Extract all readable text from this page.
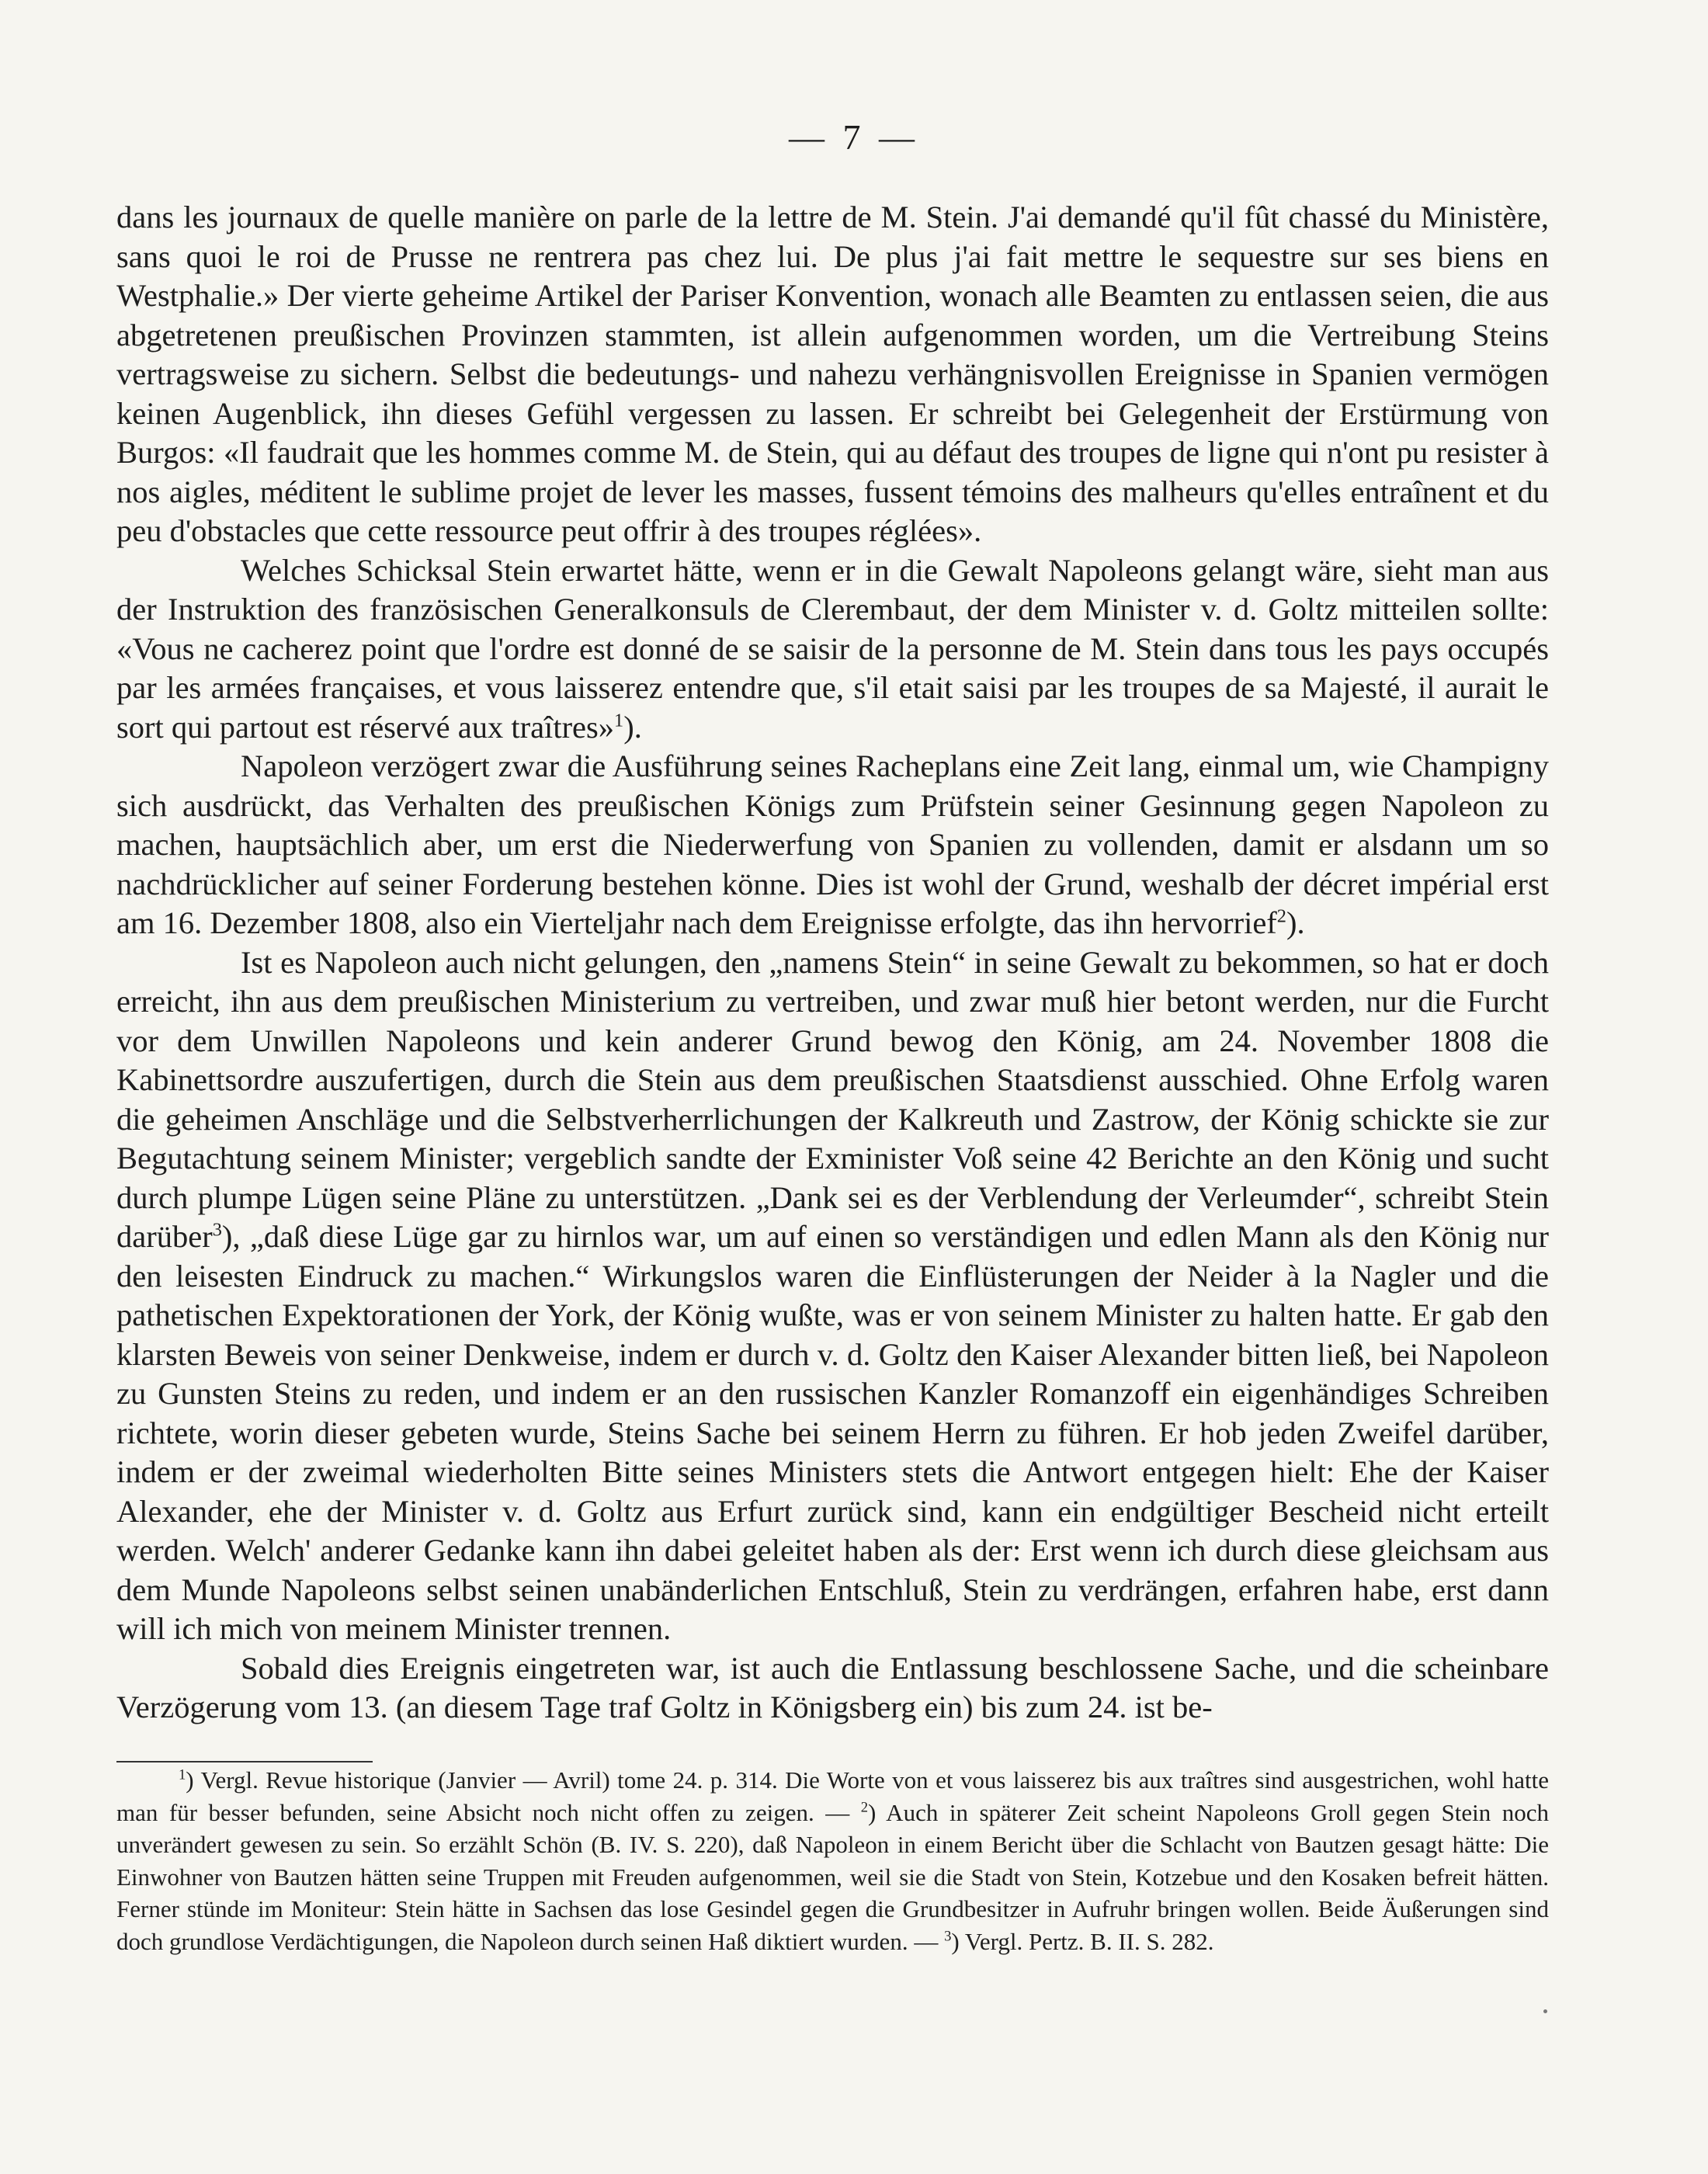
— 7 —

dans les journaux de quelle manière on parle de la lettre de M. Stein. J'ai demandé qu'il fût chassé du Ministère, sans quoi le roi de Prusse ne rentrera pas chez lui. De plus j'ai fait mettre le sequestre sur ses biens en Westphalie.» Der vierte geheime Artikel der Pariser Konvention, wonach alle Beamten zu entlassen seien, die aus abgetretenen preußischen Provinzen stammten, ist allein aufgenommen worden, um die Vertreibung Steins vertragsweise zu sichern. Selbst die bedeutungs- und nahezu verhängnisvollen Ereignisse in Spanien vermögen keinen Augenblick, ihn dieses Gefühl vergessen zu lassen. Er schreibt bei Gelegenheit der Erstürmung von Burgos: «Il faudrait que les hommes comme M. de Stein, qui au défaut des troupes de ligne qui n'ont pu resister à nos aigles, méditent le sublime projet de lever les masses, fussent témoins des malheurs qu'elles entraînent et du peu d'obstacles que cette ressource peut offrir à des troupes réglées».

Welches Schicksal Stein erwartet hätte, wenn er in die Gewalt Napoleons gelangt wäre, sieht man aus der Instruktion des französischen Generalkonsuls de Clerembaut, der dem Minister v. d. Goltz mitteilen sollte: «Vous ne cacherez point que l'ordre est donné de se saisir de la personne de M. Stein dans tous les pays occupés par les armées françaises, et vous laisserez entendre que, s'il etait saisi par les troupes de sa Majesté, il aurait le sort qui partout est réservé aux traîtres»$^1$).

Napoleon verzögert zwar die Ausführung seines Racheplans eine Zeit lang, einmal um, wie Champigny sich ausdrückt, das Verhalten des preußischen Königs zum Prüfstein seiner Gesinnung gegen Napoleon zu machen, hauptsächlich aber, um erst die Niederwerfung von Spanien zu vollenden, damit er alsdann um so nachdrücklicher auf seiner Forderung bestehen könne. Dies ist wohl der Grund, weshalb der décret impérial erst am 16. Dezember 1808, also ein Vierteljahr nach dem Ereignisse erfolgte, das ihn hervorrief$^2$).

Ist es Napoleon auch nicht gelungen, den „namens Stein“ in seine Gewalt zu bekommen, so hat er doch erreicht, ihn aus dem preußischen Ministerium zu vertreiben, und zwar muß hier betont werden, nur die Furcht vor dem Unwillen Napoleons und kein anderer Grund bewog den König, am 24. November 1808 die Kabinettsordre auszufertigen, durch die Stein aus dem preußischen Staatsdienst ausschied. Ohne Erfolg waren die geheimen Anschläge und die Selbstverherrlichungen der Kalkreuth und Zastrow, der König schickte sie zur Begutachtung seinem Minister; vergeblich sandte der Exminister Voß seine 42 Berichte an den König und sucht durch plumpe Lügen seine Pläne zu unterstützen. „Dank sei es der Verblendung der Verleumder“, schreibt Stein darüber$^3$), „daß diese Lüge gar zu hirnlos war, um auf einen so verständigen und edlen Mann als den König nur den leisesten Eindruck zu machen.“ Wirkungslos waren die Einflüsterungen der Neider à la Nagler und die pathetischen Expektorationen der York, der König wußte, was er von seinem Minister zu halten hatte. Er gab den klarsten Beweis von seiner Denkweise, indem er durch v. d. Goltz den Kaiser Alexander bitten ließ, bei Napoleon zu Gunsten Steins zu reden, und indem er an den russischen Kanzler Romanzoff ein eigenhändiges Schreiben richtete, worin dieser gebeten wurde, Steins Sache bei seinem Herrn zu führen. Er hob jeden Zweifel darüber, indem er der zweimal wiederholten Bitte seines Ministers stets die Antwort entgegen hielt: Ehe der Kaiser Alexander, ehe der Minister v. d. Goltz aus Erfurt zurück sind, kann ein endgültiger Bescheid nicht erteilt werden. Welch' anderer Gedanke kann ihn dabei geleitet haben als der: Erst wenn ich durch diese gleichsam aus dem Munde Napoleons selbst seinen unabänderlichen Entschluß, Stein zu verdrängen, erfahren habe, erst dann will ich mich von meinem Minister trennen.

Sobald dies Ereignis eingetreten war, ist auch die Entlassung beschlossene Sache, und die scheinbare Verzögerung vom 13. (an diesem Tage traf Goltz in Königsberg ein) bis zum 24. ist be-

$^1$) Vergl. Revue historique (Janvier — Avril) tome 24. p. 314. Die Worte von et vous laisserez bis aux traîtres sind ausgestrichen, wohl hatte man für besser befunden, seine Absicht noch nicht offen zu zeigen. — $^2$) Auch in späterer Zeit scheint Napoleons Groll gegen Stein noch unverändert gewesen zu sein. So erzählt Schön (B. IV. S. 220), daß Napoleon in einem Bericht über die Schlacht von Bautzen gesagt hätte: Die Einwohner von Bautzen hätten seine Truppen mit Freuden aufgenommen, weil sie die Stadt von Stein, Kotzebue und den Kosaken befreit hätten. Ferner stünde im Moniteur: Stein hätte in Sachsen das lose Gesindel gegen die Grundbesitzer in Aufruhr bringen wollen. Beide Äußerungen sind doch grundlose Verdächtigungen, die Napoleon durch seinen Haß diktiert wurden. — $^3$) Vergl. Pertz. B. II. S. 282.
